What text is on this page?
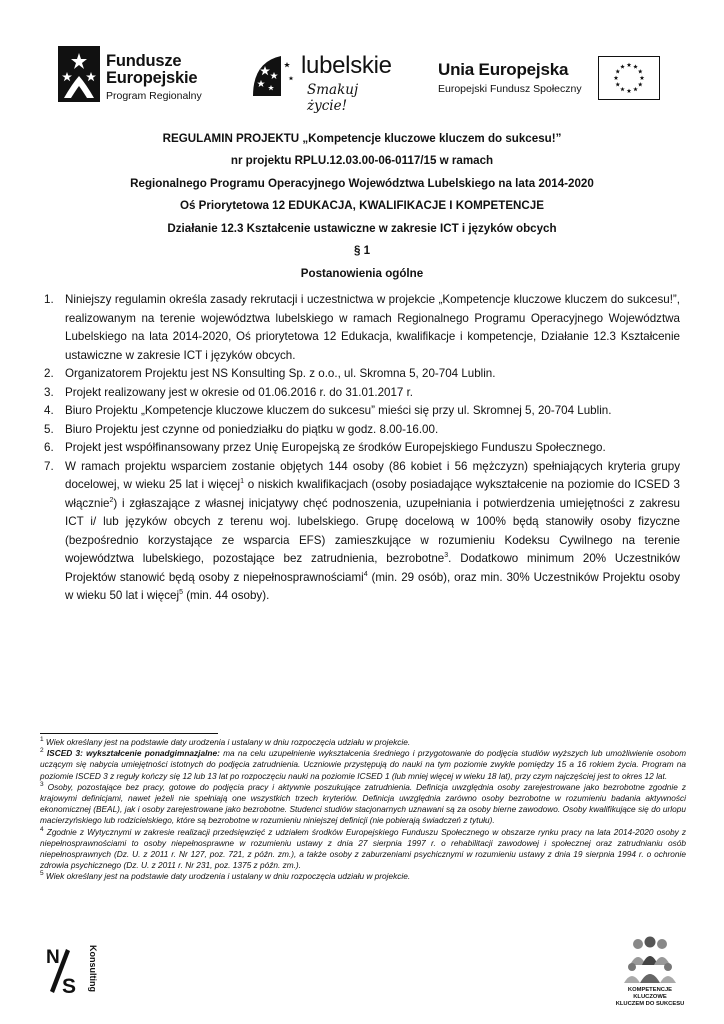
Fundusze
Europejskie
Program Regionalny
lubelskie
Smakuj życie!
Unia Europejska
Europejski Fundusz Społeczny
REGULAMIN PROJEKTU „Kompetencje kluczowe kluczem do sukcesu!”
nr projektu RPLU.12.03.00-06-0117/15 w ramach
Regionalnego Programu Operacyjnego Województwa Lubelskiego na lata 2014-2020
Oś Priorytetowa 12 EDUKACJA, KWALIFIKACJE I KOMPETENCJE
Działanie 12.3 Kształcenie ustawiczne w zakresie ICT i języków obcych
§ 1
Postanowienia ogólne
1. Niniejszy regulamin określa zasady rekrutacji i uczestnictwa w projekcie „Kompetencje kluczowe kluczem do sukcesu!”, realizowanym na terenie województwa lubelskiego w ramach Regionalnego Programu Operacyjnego Województwa Lubelskiego na lata 2014-2020, Oś priorytetowa 12 Edukacja, kwalifikacje i kompetencje, Działanie 12.3 Kształcenie ustawiczne w zakresie ICT i języków obcych.
2. Organizatorem Projektu jest NS Konsulting Sp. z o.o., ul. Skromna 5, 20-704 Lublin.
3. Projekt realizowany jest w okresie od 01.06.2016 r. do 31.01.2017 r.
4. Biuro Projektu „Kompetencje kluczowe kluczem do sukcesu” mieści się przy ul. Skromnej 5, 20-704 Lublin.
5. Biuro Projektu jest czynne od poniedziałku do piątku w godz. 8.00-16.00.
6. Projekt jest współfinansowany przez Unię Europejską ze środków Europejskiego Funduszu Społecznego.
7. W ramach projektu wsparciem zostanie objętych 144 osoby (86 kobiet i 56 mężczyzn) spełniających kryteria grupy docelowej, w wieku 25 lat i więcej$^1$ o niskich kwalifikacjach (osoby posiadające wykształcenie na poziomie do ICSED 3 włącznie$^2$) i zgłaszające z własnej inicjatywy chęć podnoszenia, uzupełniania i potwierdzenia umiejętności z zakresu ICT i/ lub języków obcych z terenu woj. lubelskiego. Grupę docelową w 100% będą stanowiły osoby fizyczne (bezpośrednio korzystające ze wsparcia EFS) zamieszkujące w rozumieniu Kodeksu Cywilnego na terenie województwa lubelskiego, pozostające bez zatrudnienia, bezrobotne$^3$. Dodatkowo minimum 20% Uczestników Projektów stanowić będą osoby z niepełnosprawnościami$^4$ (min. 29 osób), oraz min. 30% Uczestników Projektu osoby w wieku 50 lat i więcej$^5$ (min. 44 osoby).

$^1$ Wiek określany jest na podstawie daty urodzenia i ustalany w dniu rozpoczęcia udziału w projekcie.

$^2$ ISCED 3: wykształcenie ponadgimnazjalne: ma na celu uzupełnienie wykształcenia średniego i przygotowanie do podjęcia studiów wyższych lub umożliwienie osobom uczącym się nabycia umiejętności istotnych do podjęcia zatrudnienia. Uczniowie przystępują do nauki na tym poziomie zwykle pomiędzy 15 a 16 rokiem życia. Program na poziomie ISCED 3 z reguły kończy się 12 lub 13 lat po rozpoczęciu nauki na poziomie ICSED 1 (lub mniej więcej w wieku 18 lat), przy czym najczęściej jest to okres 12 lat.

$^3$ Osoby, pozostające bez pracy, gotowe do podjęcia pracy i aktywnie poszukujące zatrudnienia. Definicja uwzględnia osoby zarejestrowane jako bezrobotne zgodnie z krajowymi definicjami, nawet jeżeli nie spełniają one wszystkich trzech kryteriów. Definicja uwzględnia zarówno osoby bezrobotne w rozumieniu badania aktywności ekonomicznej (BEAL), jak i osoby zarejestrowane jako bezrobotne. Studenci studiów stacjonarnych uznawani są za osoby bierne zawodowo. Osoby kwalifikujące się do urlopu macierzyńskiego lub rodzicielskiego, które są bezrobotne w rozumieniu niniejszej definicji (nie pobierają świadczeń z tytułu).

$^4$ Zgodnie z Wytycznymi w zakresie realizacji przedsięwzięć z udziałem środków Europejskiego Funduszu Społecznego w obszarze rynku pracy na lata 2014-2020 osoby z niepełnosprawnościami to osoby niepełnosprawne w rozumieniu ustawy z dnia 27 sierpnia 1997 r. o rehabilitacji zawodowej i społecznej oraz zatrudnianiu osób niepełnosprawnych (Dz. U. z 2011 r. Nr 127, poz. 721, z późn. zm.), a także osoby z zaburzeniami psychicznymi w rozumieniu ustawy z dnia 19 sierpnia 1994 r. o ochronie zdrowia psychicznego (Dz. U. z 2011 r. Nr 231, poz. 1375 z późn. zm.).

$^5$ Wiek określany jest na podstawie daty urodzenia i ustalany w dniu rozpoczęcia udziału w projekcie.

N
S Konsulting	KOMPETENCJE KLUCZOWE
KLUCZEM DO SUKCESU
